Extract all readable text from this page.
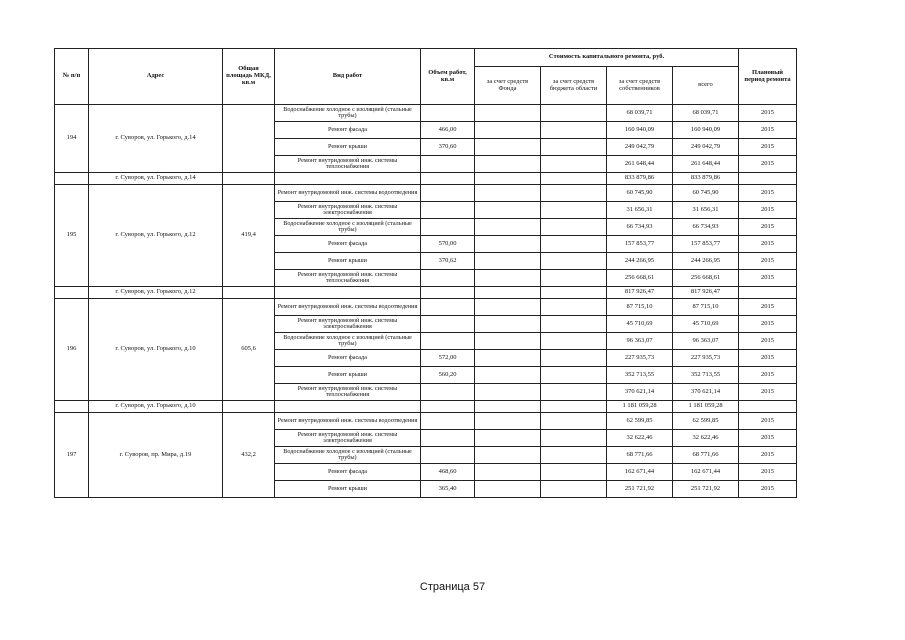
№ п/п	Адрес	Общая площадь МКД, кв.м	Вид работ	Объем работ, кв.м	Стоимость капитального ремонта, руб.				Плановый период ремонта
					за счет средств Фонда	за счет средств бюджета области	за счет средств собственников	всего	
194	г. Суворов, ул. Горького, д.14		Водоснабжение холодное с изоляцией (стальные трубы)				68 039,71	68 039,71	2015
			Ремонт фасада	466,00			160 940,09	160 940,09	2015
			Ремонт крыши	370,60			249 042,79	249 042,79	2015
			Ремонт внутридомовой инж. системы теплоснабжения				261 648,44	261 648,44	2015
	г. Суворов, ул. Горького, д.14						833 879,86	833 879,86	
195	г. Суворов, ул. Горького, д.12	419,4	Ремонт внутридомовой инж. системы водоотведения				60 745,90	60 745,90	2015
			Ремонт внутридомовой инж. системы электроснабжения				31 656,31	31 656,31	2015
			Водоснабжение холодное с изоляцией (стальные трубы)				66 734,93	66 734,93	2015
			Ремонт фасада	570,00			157 853,77	157 853,77	2015
			Ремонт крыши	370,62			244 266,95	244 266,95	2015
			Ремонт внутридомовой инж. системы теплоснабжения				256 668,61	256 668,61	2015
	г. Суворов, ул. Горького, д.12						817 926,47	817 926,47	
196	г. Суворов, ул. Горького, д.10	605,6	Ремонт внутридомовой инж. системы водоотведения				87 715,10	87 715,10	2015
			Ремонт внутридомовой инж. системы электроснабжения				45 710,69	45 710,69	2015
			Водоснабжение холодное с изоляцией (стальные трубы)				96 363,07	96 363,07	2015
			Ремонт фасада	572,00			227 935,73	227 935,73	2015
			Ремонт крыши	560,20			352 713,55	352 713,55	2015
			Ремонт внутридомовой инж. системы теплоснабжения				370 621,14	370 621,14	2015
	г. Суворов, ул. Горького, д.10						1 181 059,28	1 181 059,28	
197	г. Суворов, пр. Мира, д.19	432,2	Ремонт внутридомовой инж. системы водоотведения				62 599,85	62 599,85	2015
			Ремонт внутридомовой инж. системы электроснабжения				32 622,46	32 622,46	2015
			Водоснабжение холодное с изоляцией (стальные трубы)				68 771,66	68 771,66	2015
			Ремонт фасада	468,60			162 671,44	162 671,44	2015
			Ремонт крыши	365,40			251 721,92	251 721,92	2015
Страница 57
